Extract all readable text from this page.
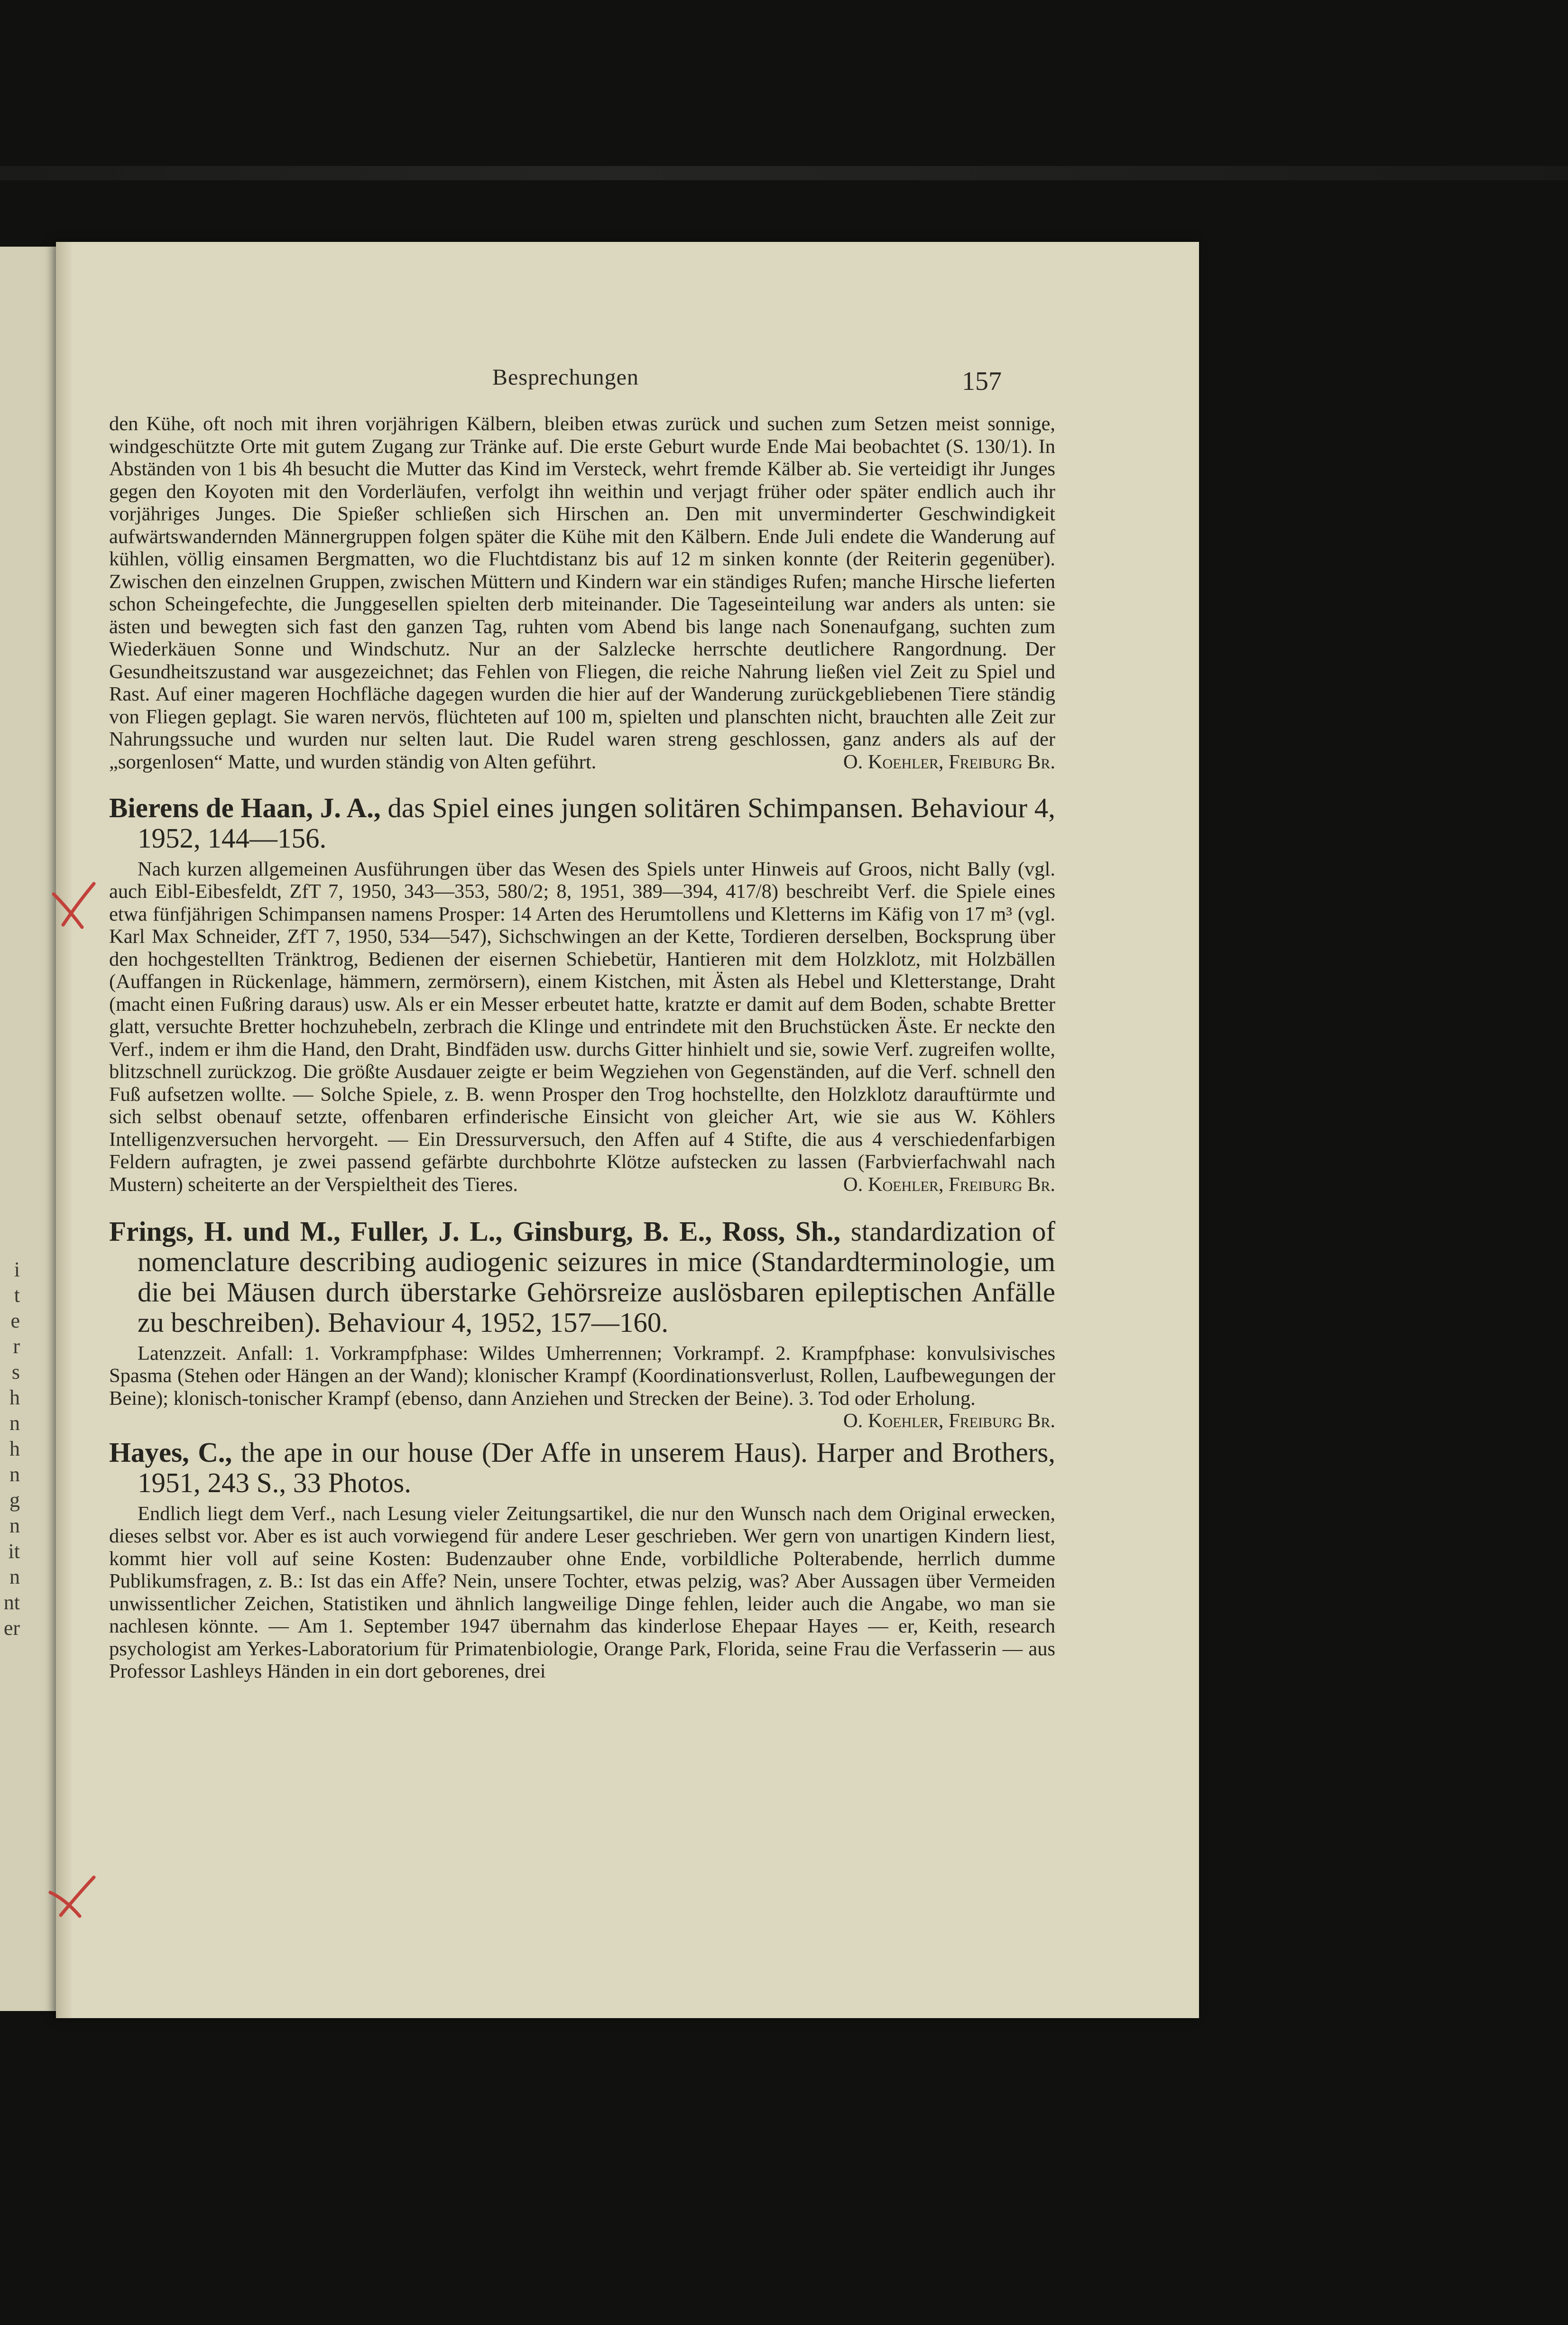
i
t
e
r
s
h
n
h
n
g
n
it
n
nt
er
Besprechungen	157

den Kühe, oft noch mit ihren vorjährigen Kälbern, bleiben etwas zurück und suchen zum Setzen meist sonnige, windgeschützte Orte mit gutem Zugang zur Tränke auf. Die erste Geburt wurde Ende Mai beobachtet (S. 130/1). In Abständen von 1 bis 4h besucht die Mutter das Kind im Versteck, wehrt fremde Kälber ab. Sie verteidigt ihr Junges gegen den Koyoten mit den Vorderläufen, verfolgt ihn weithin und verjagt früher oder später endlich auch ihr vorjähriges Junges. Die Spießer schließen sich Hirschen an. Den mit unverminderter Geschwindigkeit aufwärtswandernden Männergruppen folgen später die Kühe mit den Kälbern. Ende Juli endete die Wanderung auf kühlen, völlig einsamen Bergmatten, wo die Fluchtdistanz bis auf 12 m sinken konnte (der Reiterin gegenüber). Zwischen den einzelnen Gruppen, zwischen Müttern und Kindern war ein ständiges Rufen; manche Hirsche lieferten schon Scheingefechte, die Junggesellen spielten derb miteinander. Die Tageseinteilung war anders als unten: sie ästen und bewegten sich fast den ganzen Tag, ruhten vom Abend bis lange nach Sonenaufgang, suchten zum Wiederkäuen Sonne und Windschutz. Nur an der Salzlecke herrschte deutlichere Rangordnung. Der Gesundheitszustand war ausgezeichnet; das Fehlen von Fliegen, die reiche Nahrung ließen viel Zeit zu Spiel und Rast. Auf einer mageren Hochfläche dagegen wurden die hier auf der Wanderung zurückgebliebenen Tiere ständig von Fliegen geplagt. Sie waren nervös, flüchteten auf 100 m, spielten und planschten nicht, brauchten alle Zeit zur Nahrungssuche und wurden nur selten laut. Die Rudel waren streng geschlossen, ganz anders als auf der „sorgenlosen“ Matte, und wurden ständig von Alten geführt.	O. Koehler, Freiburg Br.

Bierens de Haan, J. A., das Spiel eines jungen solitären Schimpansen. Behaviour 4, 1952, 144—156.

Nach kurzen allgemeinen Ausführungen über das Wesen des Spiels unter Hinweis auf Groos, nicht Bally (vgl. auch Eibl-Eibesfeldt, ZfT 7, 1950, 343—353, 580/2; 8, 1951, 389—394, 417/8) beschreibt Verf. die Spiele eines etwa fünfjährigen Schimpansen namens Prosper: 14 Arten des Herumtollens und Kletterns im Käfig von 17 m³ (vgl. Karl Max Schneider, ZfT 7, 1950, 534—547), Sichschwingen an der Kette, Tordieren derselben, Bocksprung über den hochgestellten Tränktrog, Bedienen der eisernen Schiebetür, Hantieren mit dem Holzklotz, mit Holzbällen (Auffangen in Rückenlage, hämmern, zermörsern), einem Kistchen, mit Ästen als Hebel und Kletterstange, Draht (macht einen Fußring daraus) usw. Als er ein Messer erbeutet hatte, kratzte er damit auf dem Boden, schabte Bretter glatt, versuchte Bretter hochzuhebeln, zerbrach die Klinge und entrindete mit den Bruchstücken Äste. Er neckte den Verf., indem er ihm die Hand, den Draht, Bindfäden usw. durchs Gitter hinhielt und sie, sowie Verf. zugreifen wollte, blitzschnell zurückzog. Die größte Ausdauer zeigte er beim Wegziehen von Gegenständen, auf die Verf. schnell den Fuß aufsetzen wollte. — Solche Spiele, z. B. wenn Prosper den Trog hochstellte, den Holzklotz darauftürmte und sich selbst obenauf setzte, offenbaren erfinderische Einsicht von gleicher Art, wie sie aus W. Köhlers Intelligenzversuchen hervorgeht. — Ein Dressurversuch, den Affen auf 4 Stifte, die aus 4 verschiedenfarbigen Feldern aufragten, je zwei passend gefärbte durchbohrte Klötze aufstecken zu lassen (Farbvierfachwahl nach Mustern) scheiterte an der Verspieltheit des Tieres.	O. Koehler, Freiburg Br.

Frings, H. und M., Fuller, J. L., Ginsburg, B. E., Ross, Sh., standardization of nomenclature describing audiogenic seizures in mice (Standardterminologie, um die bei Mäusen durch überstarke Gehörsreize auslösbaren epileptischen Anfälle zu beschreiben). Behaviour 4, 1952, 157—160.

Latenzzeit. Anfall: 1. Vorkrampfphase: Wildes Umherrennen; Vorkrampf. 2. Krampfphase: konvulsivisches Spasma (Stehen oder Hängen an der Wand); klonischer Krampf (Koordinationsverlust, Rollen, Laufbewegungen der Beine); klonisch-tonischer Krampf (ebenso, dann Anziehen und Strecken der Beine). 3. Tod oder Erholung.

O. Koehler, Freiburg Br.

Hayes, C., the ape in our house (Der Affe in unserem Haus). Harper and Brothers, 1951, 243 S., 33 Photos.

Endlich liegt dem Verf., nach Lesung vieler Zeitungsartikel, die nur den Wunsch nach dem Original erwecken, dieses selbst vor. Aber es ist auch vorwiegend für andere Leser geschrieben. Wer gern von unartigen Kindern liest, kommt hier voll auf seine Kosten: Budenzauber ohne Ende, vorbildliche Polterabende, herrlich dumme Publikumsfragen, z. B.: Ist das ein Affe? Nein, unsere Tochter, etwas pelzig, was? Aber Aussagen über Vermeiden unwissentlicher Zeichen, Statistiken und ähnlich langweilige Dinge fehlen, leider auch die Angabe, wo man sie nachlesen könnte. — Am 1. September 1947 übernahm das kinderlose Ehepaar Hayes — er, Keith, research psychologist am Yerkes-Laboratorium für Primatenbiologie, Orange Park, Florida, seine Frau die Verfasserin — aus Professor Lashleys Händen in ein dort geborenes, drei
